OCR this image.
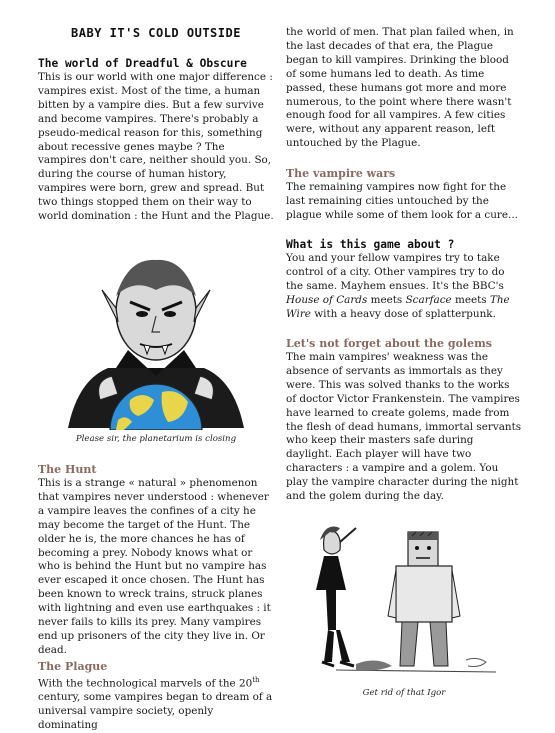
BABY IT'S COLD OUTSIDE

The world of Dreadful & Obscure

This is our world with one major difference : vampires exist. Most of the time, a human bitten by a vampire dies. But a few survive and become vampires. There's probably a pseudo-medical reason for this, something about recessive genes maybe ? The vampires don't care, neither should you. So, during the course of human history, vampires were born, grew and spread. But two things stopped them on their way to world domination : the Hunt and the Plague.

Please sir, the planetarium is closing

The Hunt

This is a strange « natural » phenomenon that vampires never understood : whenever a vampire leaves the confines of a city he may become the target of the Hunt. The older he is, the more chances he has of becoming a prey. Nobody knows what or who is behind the Hunt but no vampire has ever escaped it once chosen. The Hunt has been known to wreck trains, struck planes with lightning and even use earthquakes : it never fails to kills its prey. Many vampires end up prisoners of the city they live in. Or dead.

The Plague

With the technological marvels of the 20th century, some vampires began to dream of a universal vampire society, openly dominating

the world of men. That plan failed when, in the last decades of that era, the Plague began to kill vampires. Drinking the blood of some humans led to death. As time passed, these humans got more and more numerous, to the point where there wasn't enough food for all vampires. A few cities were, without any apparent reason, left untouched by the Plague.

The vampire wars

The remaining vampires now fight for the last remaining cities untouched by the plague while some of them look for a cure...

What is this game about ?

You and your fellow vampires try to take control of a city. Other vampires try to do the same. Mayhem ensues. It's the BBC's House of Cards meets Scarface meets The Wire with a heavy dose of splatterpunk.

Let's not forget about the golems

The main vampires' weakness was the absence of servants as immortals as they were. This was solved thanks to the works of doctor Victor Frankenstein. The vampires have learned to create golems, made from the flesh of dead humans, immortal servants who keep their masters safe during daylight. Each player will have two characters : a vampire and a golem. You play the vampire character during the night and the golem during the day.

Get rid of that Igor
